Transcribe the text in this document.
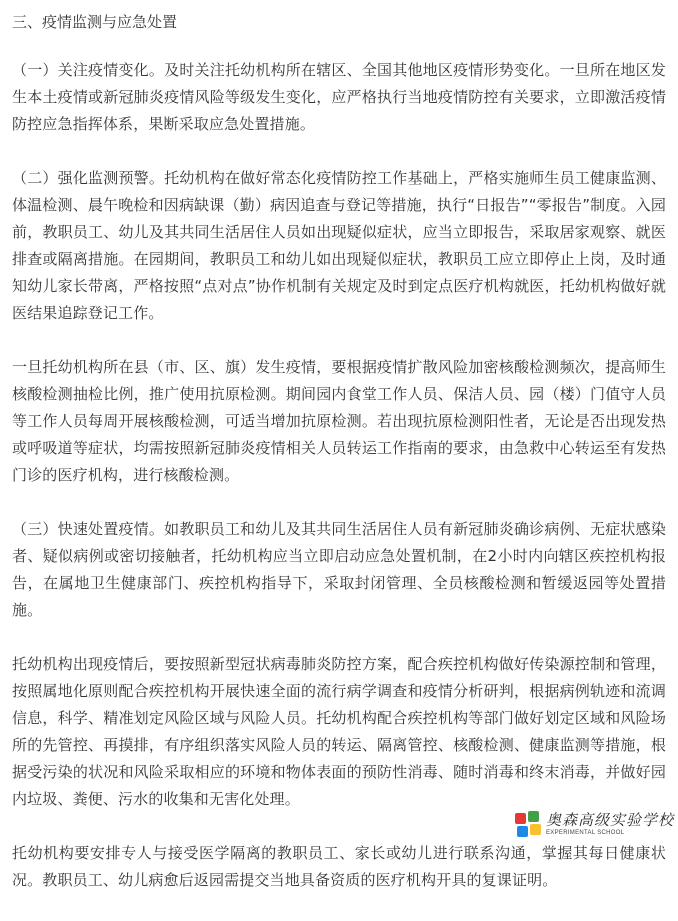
三、疫情监测与应急处置

（一）关注疫情变化。及时关注托幼机构所在辖区、全国其他地区疫情形势变化。一旦所在地区发生本土疫情或新冠肺炎疫情风险等级发生变化，应严格执行当地疫情防控有关要求，立即激活疫情防控应急指挥体系，果断采取应急处置措施。

（二）强化监测预警。托幼机构在做好常态化疫情防控工作基础上，严格实施师生员工健康监测、体温检测、晨午晚检和因病缺课（勤）病因追查与登记等措施，执行“日报告”“零报告”制度。入园前，教职员工、幼儿及其共同生活居住人员如出现疑似症状，应当立即报告，采取居家观察、就医排查或隔离措施。在园期间，教职员工和幼儿如出现疑似症状，教职员工应立即停止上岗，及时通知幼儿家长带离，严格按照“点对点”协作机制有关规定及时到定点医疗机构就医，托幼机构做好就医结果追踪登记工作。

一旦托幼机构所在县（市、区、旗）发生疫情，要根据疫情扩散风险加密核酸检测频次，提高师生核酸检测抽检比例，推广使用抗原检测。期间园内食堂工作人员、保洁人员、园（楼）门值守人员等工作人员每周开展核酸检测，可适当增加抗原检测。若出现抗原检测阳性者，无论是否出现发热或呼吸道等症状，均需按照新冠肺炎疫情相关人员转运工作指南的要求，由急救中心转运至有发热门诊的医疗机构，进行核酸检测。

（三）快速处置疫情。如教职员工和幼儿及其共同生活居住人员有新冠肺炎确诊病例、无症状感染者、疑似病例或密切接触者，托幼机构应当立即启动应急处置机制，在2小时内向辖区疾控机构报告，在属地卫生健康部门、疾控机构指导下，采取封闭管理、全员核酸检测和暂缓返园等处置措施。

托幼机构出现疫情后，要按照新型冠状病毒肺炎防控方案，配合疾控机构做好传染源控制和管理，按照属地化原则配合疾控机构开展快速全面的流行病学调查和疫情分析研判，根据病例轨迹和流调信息，科学、精准划定风险区域与风险人员。托幼机构配合疾控机构等部门做好划定区域和风险场所的先管控、再摸排，有序组织落实风险人员的转运、隔离管控、核酸检测、健康监测等措施，根据受污染的状况和风险采取相应的环境和物体表面的预防性消毒、随时消毒和终末消毒，并做好园内垃圾、粪便、污水的收集和无害化处理。

托幼机构要安排专人与接受医学隔离的教职员工、家长或幼儿进行联系沟通，掌握其每日健康状况。教职员工、幼儿病愈后返园需提交当地具备资质的医疗机构开具的复课证明。

奥森高级实验学校
EXPERIMENTAL SCHOOL
